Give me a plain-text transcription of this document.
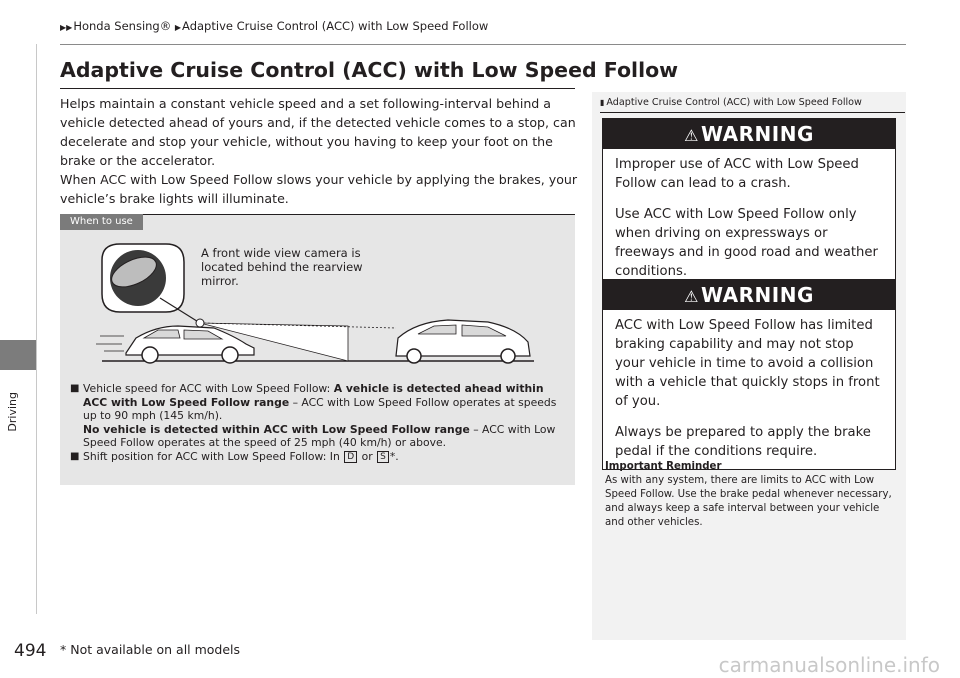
▶▶Honda Sensing® ▶Adaptive Cruise Control (ACC) with Low Speed Follow
Driving
Adaptive Cruise Control (ACC) with Low Speed Follow
Helps maintain a constant vehicle speed and a set following-interval behind a vehicle detected ahead of yours and, if the detected vehicle comes to a stop, can decelerate and stop your vehicle, without you having to keep your foot on the brake or the accelerator.
When ACC with Low Speed Follow slows your vehicle by applying the brakes, your vehicle’s brake lights will illuminate.
When to use
A front wide view camera is located behind the rearview mirror.
■ Vehicle speed for ACC with Low Speed Follow: A vehicle is detected ahead within ACC with Low Speed Follow range – ACC with Low Speed Follow operates at speeds up to 90 mph (145 km/h).
No vehicle is detected within ACC with Low Speed Follow range – ACC with Low Speed Follow operates at the speed of 25 mph (40 km/h) or above.
■ Shift position for ACC with Low Speed Follow: In D or S *.
▮ Adaptive Cruise Control (ACC) with Low Speed Follow
⚠ WARNING

Improper use of ACC with Low Speed Follow can lead to a crash.

Use ACC with Low Speed Follow only when driving on expressways or freeways and in good road and weather conditions.

⚠ WARNING

ACC with Low Speed Follow has limited braking capability and may not stop your vehicle in time to avoid a collision with a vehicle that quickly stops in front of you.

Always be prepared to apply the brake pedal if the conditions require.

Important Reminder
As with any system, there are limits to ACC with Low Speed Follow. Use the brake pedal whenever necessary, and always keep a safe interval between your vehicle and other vehicles.
494 * Not available on all models
carmanualsonline.info
